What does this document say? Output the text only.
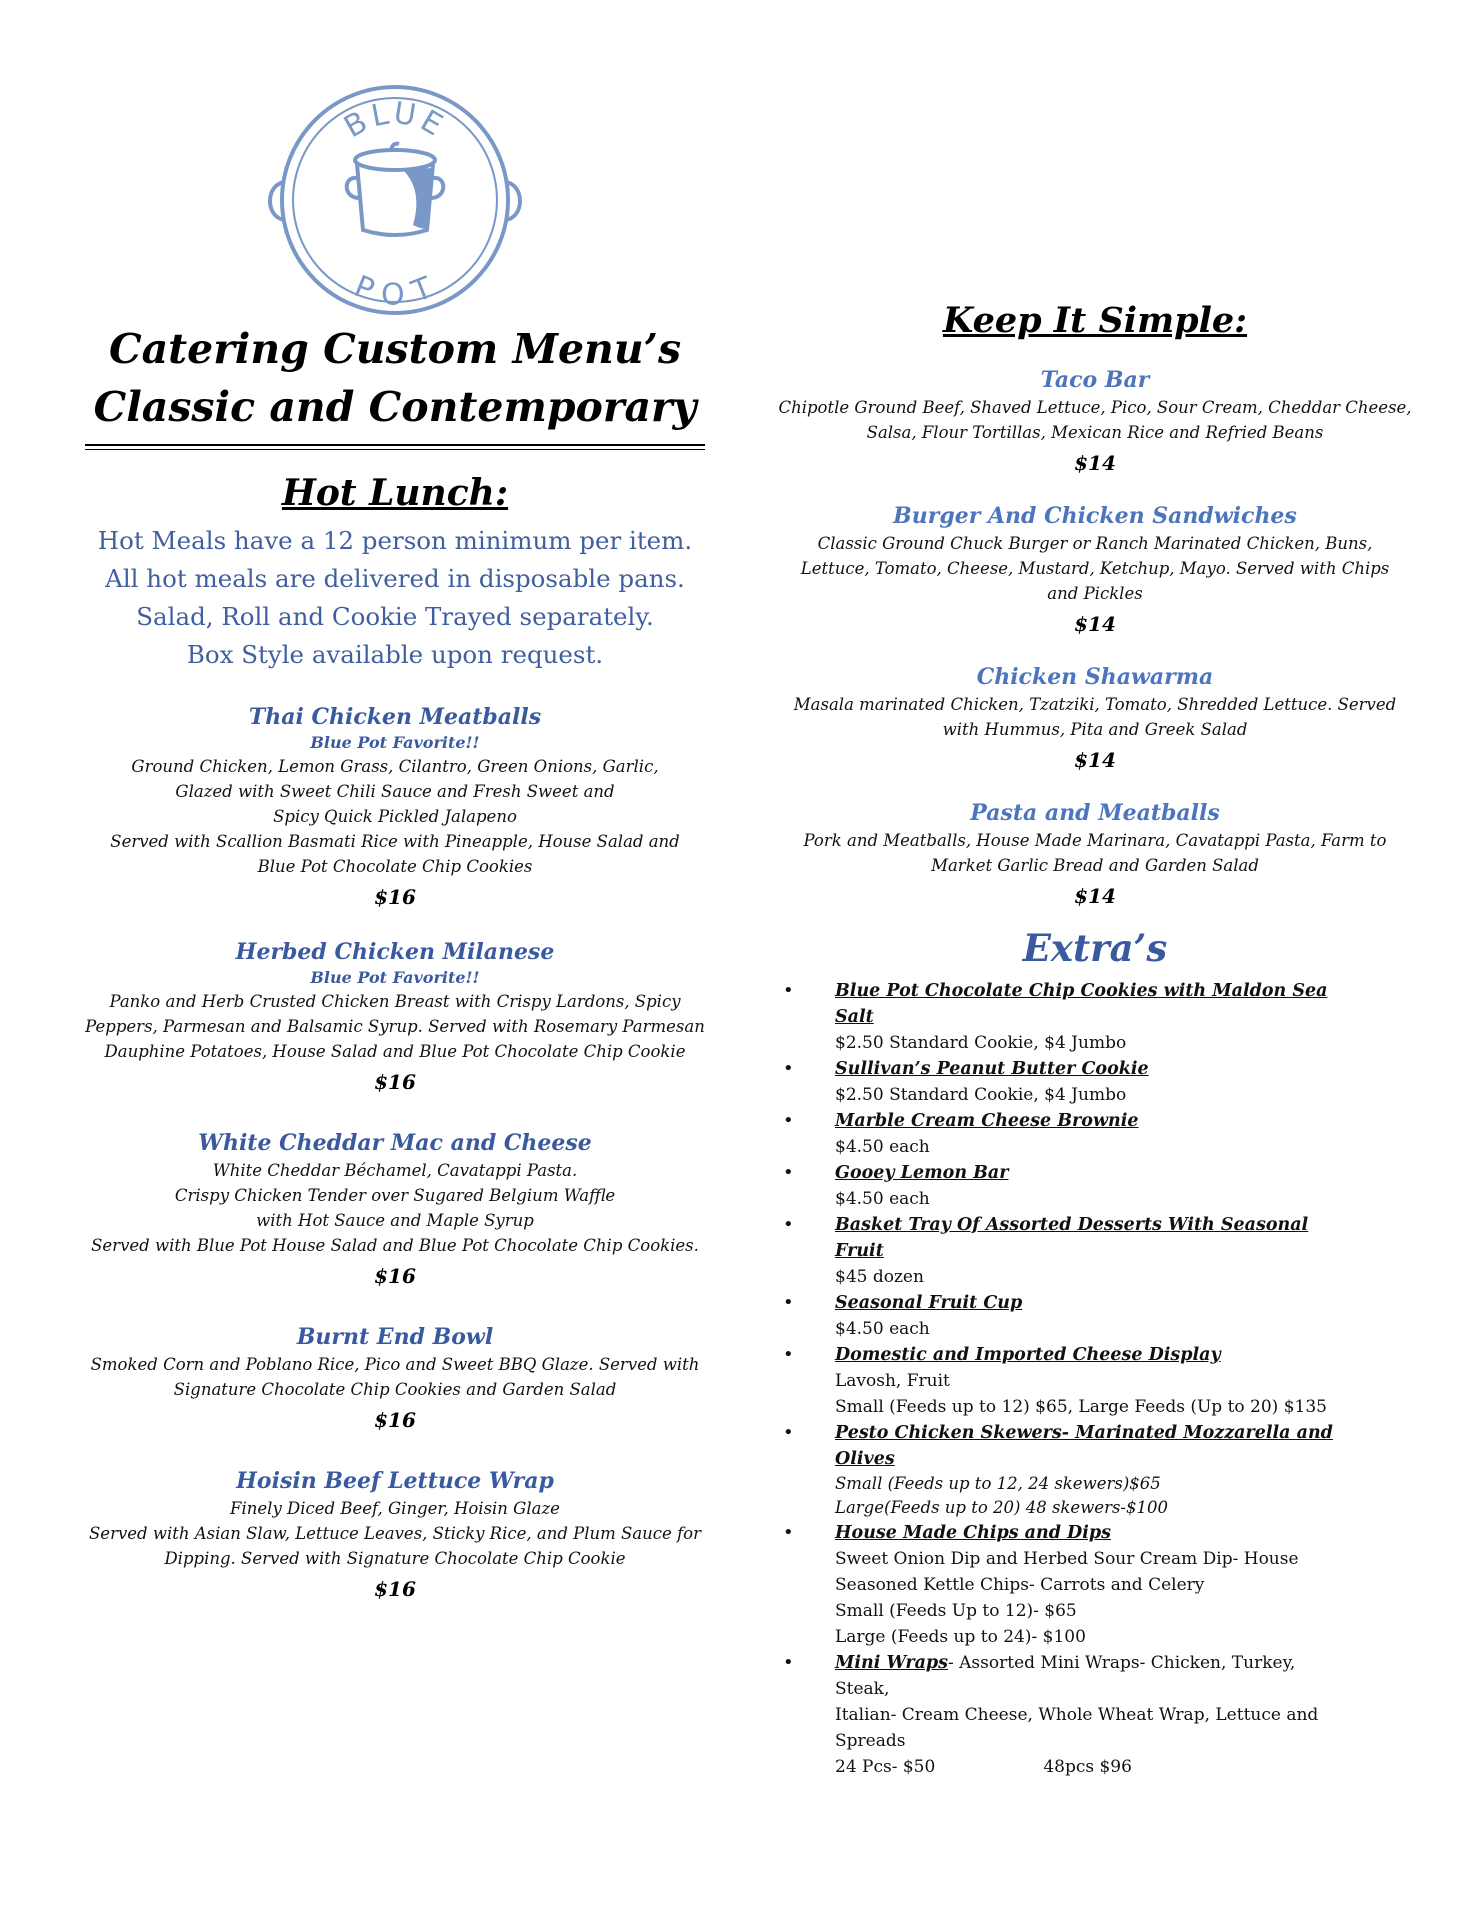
BLUE
POT

Catering Custom Menu’s

Classic and Contemporary

Hot Lunch:

Hot Meals have a 12 person minimum per item.

All hot meals are delivered in disposable pans.

Salad, Roll and Cookie Trayed separately.

Box Style available upon request.

Thai Chicken Meatballs

Blue Pot Favorite!!

Ground Chicken, Lemon Grass, Cilantro, Green Onions, Garlic,

Glazed with Sweet Chili Sauce and Fresh Sweet and

Spicy Quick Pickled Jalapeno

Served with Scallion Basmati Rice with Pineapple, House Salad and

Blue Pot Chocolate Chip Cookies

$16

Herbed Chicken Milanese

Blue Pot Favorite!!

Panko and Herb Crusted Chicken Breast with Crispy Lardons, Spicy

Peppers, Parmesan and Balsamic Syrup. Served with Rosemary Parmesan

Dauphine Potatoes, House Salad and Blue Pot Chocolate Chip Cookie

$16

White Cheddar Mac and Cheese

White Cheddar Béchamel, Cavatappi Pasta.

Crispy Chicken Tender over Sugared Belgium Waffle

with Hot Sauce and Maple Syrup

Served with Blue Pot House Salad and Blue Pot Chocolate Chip Cookies.

$16

Burnt End Bowl

Smoked Corn and Poblano Rice, Pico and Sweet BBQ Glaze. Served with

Signature Chocolate Chip Cookies and Garden Salad

$16

Hoisin Beef Lettuce Wrap

Finely Diced Beef, Ginger, Hoisin Glaze

Served with Asian Slaw, Lettuce Leaves, Sticky Rice, and Plum Sauce for

Dipping. Served with Signature Chocolate Chip Cookie

$16

Keep It Simple:

Taco Bar

Chipotle Ground Beef, Shaved Lettuce, Pico, Sour Cream, Cheddar Cheese,

Salsa, Flour Tortillas, Mexican Rice and Refried Beans

$14

Burger And Chicken Sandwiches

Classic Ground Chuck Burger or Ranch Marinated Chicken, Buns,

Lettuce, Tomato, Cheese, Mustard, Ketchup, Mayo. Served with Chips

and Pickles

$14

Chicken Shawarma

Masala marinated Chicken, Tzatziki, Tomato, Shredded Lettuce. Served

with Hummus, Pita and Greek Salad

$14

Pasta and Meatballs

Pork and Meatballs, House Made Marinara, Cavatappi Pasta, Farm to

Market Garlic Bread and Garden Salad

$14

Extra’s

Blue Pot Chocolate Chip Cookies with Maldon Sea Salt

$2.50 Standard Cookie, $4 Jumbo

Sullivan’s Peanut Butter Cookie

$2.50 Standard Cookie, $4 Jumbo

Marble Cream Cheese Brownie

$4.50 each

Gooey Lemon Bar

$4.50 each

Basket Tray Of Assorted Desserts With Seasonal Fruit

$45 dozen

Seasonal Fruit Cup

$4.50 each

Domestic and Imported Cheese Display

Lavosh, Fruit

Small (Feeds up to 12) $65, Large Feeds (Up to 20) $135

Pesto Chicken Skewers- Marinated Mozzarella and Olives

Small (Feeds up to 12, 24 skewers)$65

Large(Feeds up to 20) 48 skewers-$100

House Made Chips and Dips

Sweet Onion Dip and Herbed Sour Cream Dip- House

Seasoned Kettle Chips- Carrots and Celery

Small (Feeds Up to 12)- $65

Large (Feeds up to 24)- $100

Mini Wraps- Assorted Mini Wraps- Chicken, Turkey, Steak,

Italian- Cream Cheese, Whole Wheat Wrap, Lettuce and

Spreads

24 Pcs- $50	48pcs $96
